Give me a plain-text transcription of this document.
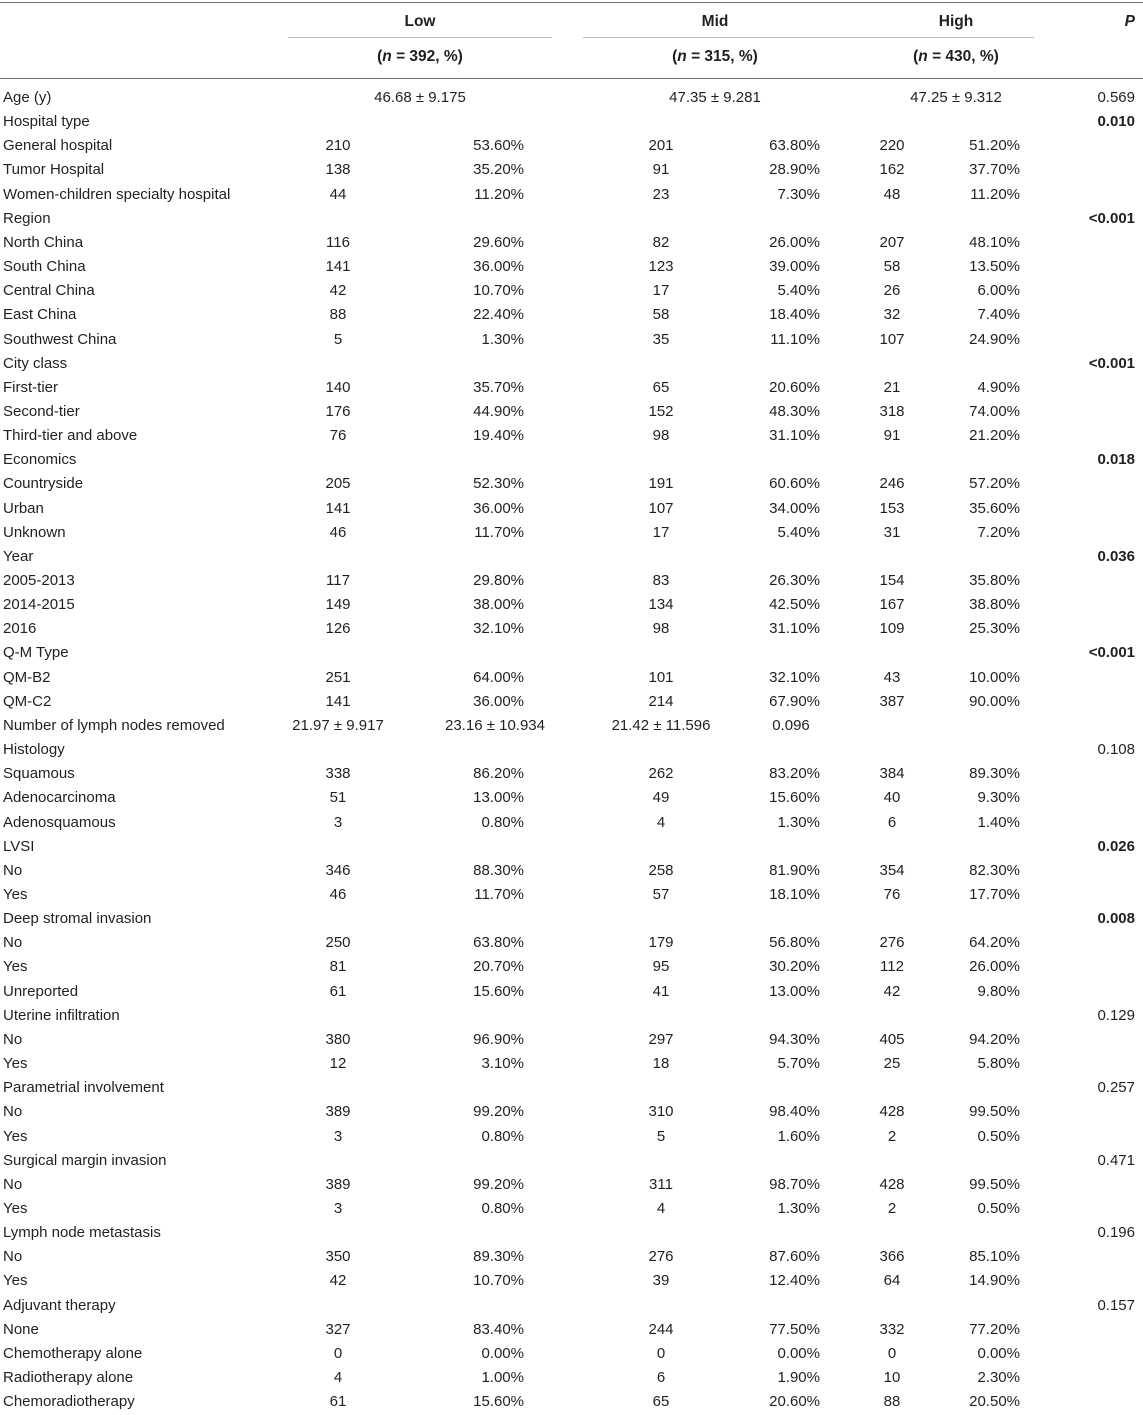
Low	Mid	High	P
(n = 392, %)	(n = 315, %)	(n = 430, %)
Age (y)	46.68 ± 9.175	47.35 ± 9.281	47.25 ± 9.312	0.569
Hospital type	0.010
General hospital	210	53.60%	201	63.80%	220	51.20%
Tumor Hospital	138	35.20%	91	28.90%	162	37.70%
Women-children specialty hospital	44	11.20%	23	7.30%	48	11.20%
Region	<0.001
North China	116	29.60%	82	26.00%	207	48.10%
South China	141	36.00%	123	39.00%	58	13.50%
Central China	42	10.70%	17	5.40%	26	6.00%
East China	88	22.40%	58	18.40%	32	7.40%
Southwest China	5	1.30%	35	11.10%	107	24.90%
City class	<0.001
First-tier	140	35.70%	65	20.60%	21	4.90%
Second-tier	176	44.90%	152	48.30%	318	74.00%
Third-tier and above	76	19.40%	98	31.10%	91	21.20%
Economics	0.018
Countryside	205	52.30%	191	60.60%	246	57.20%
Urban	141	36.00%	107	34.00%	153	35.60%
Unknown	46	11.70%	17	5.40%	31	7.20%
Year	0.036
2005-2013	117	29.80%	83	26.30%	154	35.80%
2014-2015	149	38.00%	134	42.50%	167	38.80%
2016	126	32.10%	98	31.10%	109	25.30%
Q-M Type	<0.001
QM-B2	251	64.00%	101	32.10%	43	10.00%
QM-C2	141	36.00%	214	67.90%	387	90.00%
Number of lymph nodes removed	21.97 ± 9.917	23.16 ± 10.934	21.42 ± 11.596	0.096
Histology	0.108
Squamous	338	86.20%	262	83.20%	384	89.30%
Adenocarcinoma	51	13.00%	49	15.60%	40	9.30%
Adenosquamous	3	0.80%	4	1.30%	6	1.40%
LVSI	0.026
No	346	88.30%	258	81.90%	354	82.30%
Yes	46	11.70%	57	18.10%	76	17.70%
Deep stromal invasion	0.008
No	250	63.80%	179	56.80%	276	64.20%
Yes	81	20.70%	95	30.20%	112	26.00%
Unreported	61	15.60%	41	13.00%	42	9.80%
Uterine infiltration	0.129
No	380	96.90%	297	94.30%	405	94.20%
Yes	12	3.10%	18	5.70%	25	5.80%
Parametrial involvement	0.257
No	389	99.20%	310	98.40%	428	99.50%
Yes	3	0.80%	5	1.60%	2	0.50%
Surgical margin invasion	0.471
No	389	99.20%	311	98.70%	428	99.50%
Yes	3	0.80%	4	1.30%	2	0.50%
Lymph node metastasis	0.196
No	350	89.30%	276	87.60%	366	85.10%
Yes	42	10.70%	39	12.40%	64	14.90%
Adjuvant therapy	0.157
None	327	83.40%	244	77.50%	332	77.20%
Chemotherapy alone	0	0.00%	0	0.00%	0	0.00%
Radiotherapy alone	4	1.00%	6	1.90%	10	2.30%
Chemoradiotherapy	61	15.60%	65	20.60%	88	20.50%
